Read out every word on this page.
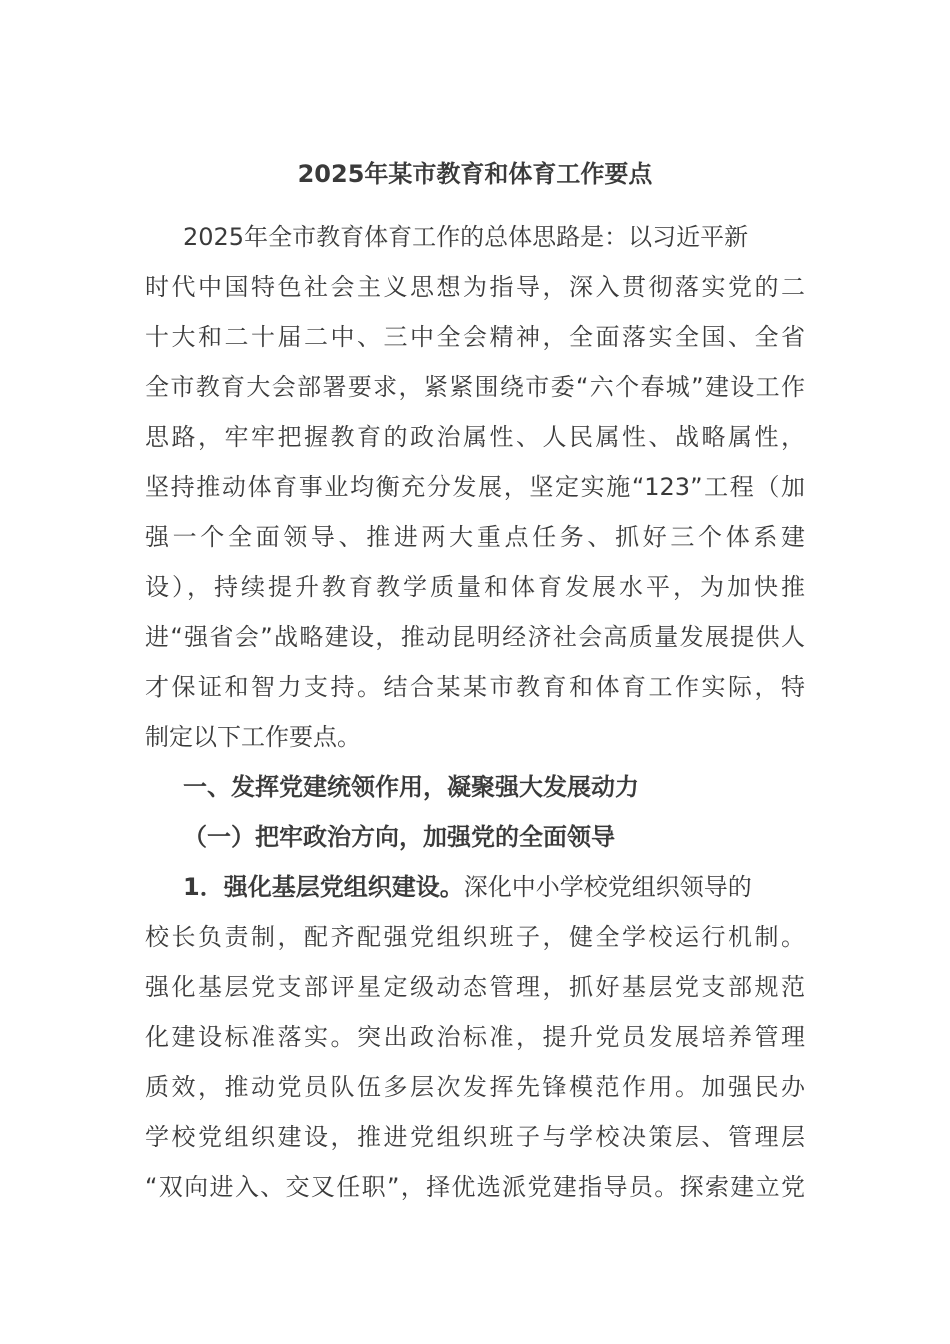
2025年某市教育和体育工作要点

2025年全市教育体育工作的总体思路是：以习近平新

时代中国特色社会主义思想为指导，深入贯彻落实党的二

十大和二十届二中、三中全会精神，全面落实全国、全省

全市教育大会部署要求，紧紧围绕市委“六个春城”建设工作

思路，牢牢把握教育的政治属性、人民属性、战略属性，

坚持推动体育事业均衡充分发展，坚定实施“123”工程（加

强一个全面领导、推进两大重点任务、抓好三个体系建

设），持续提升教育教学质量和体育发展水平，为加快推

进“强省会”战略建设，推动昆明经济社会高质量发展提供人

才保证和智力支持。结合某某市教育和体育工作实际，特

制定以下工作要点。

一、发挥党建统领作用，凝聚强大发展动力

（一）把牢政治方向，加强党的全面领导

1．强化基层党组织建设。深化中小学校党组织领导的

校长负责制，配齐配强党组织班子，健全学校运行机制。

强化基层党支部评星定级动态管理，抓好基层党支部规范

化建设标准落实。突出政治标准，提升党员发展培养管理

质效，推动党员队伍多层次发挥先锋模范作用。加强民办

学校党组织建设，推进党组织班子与学校决策层、管理层

“双向进入、交叉任职”，择优选派党建指导员。探索建立党
